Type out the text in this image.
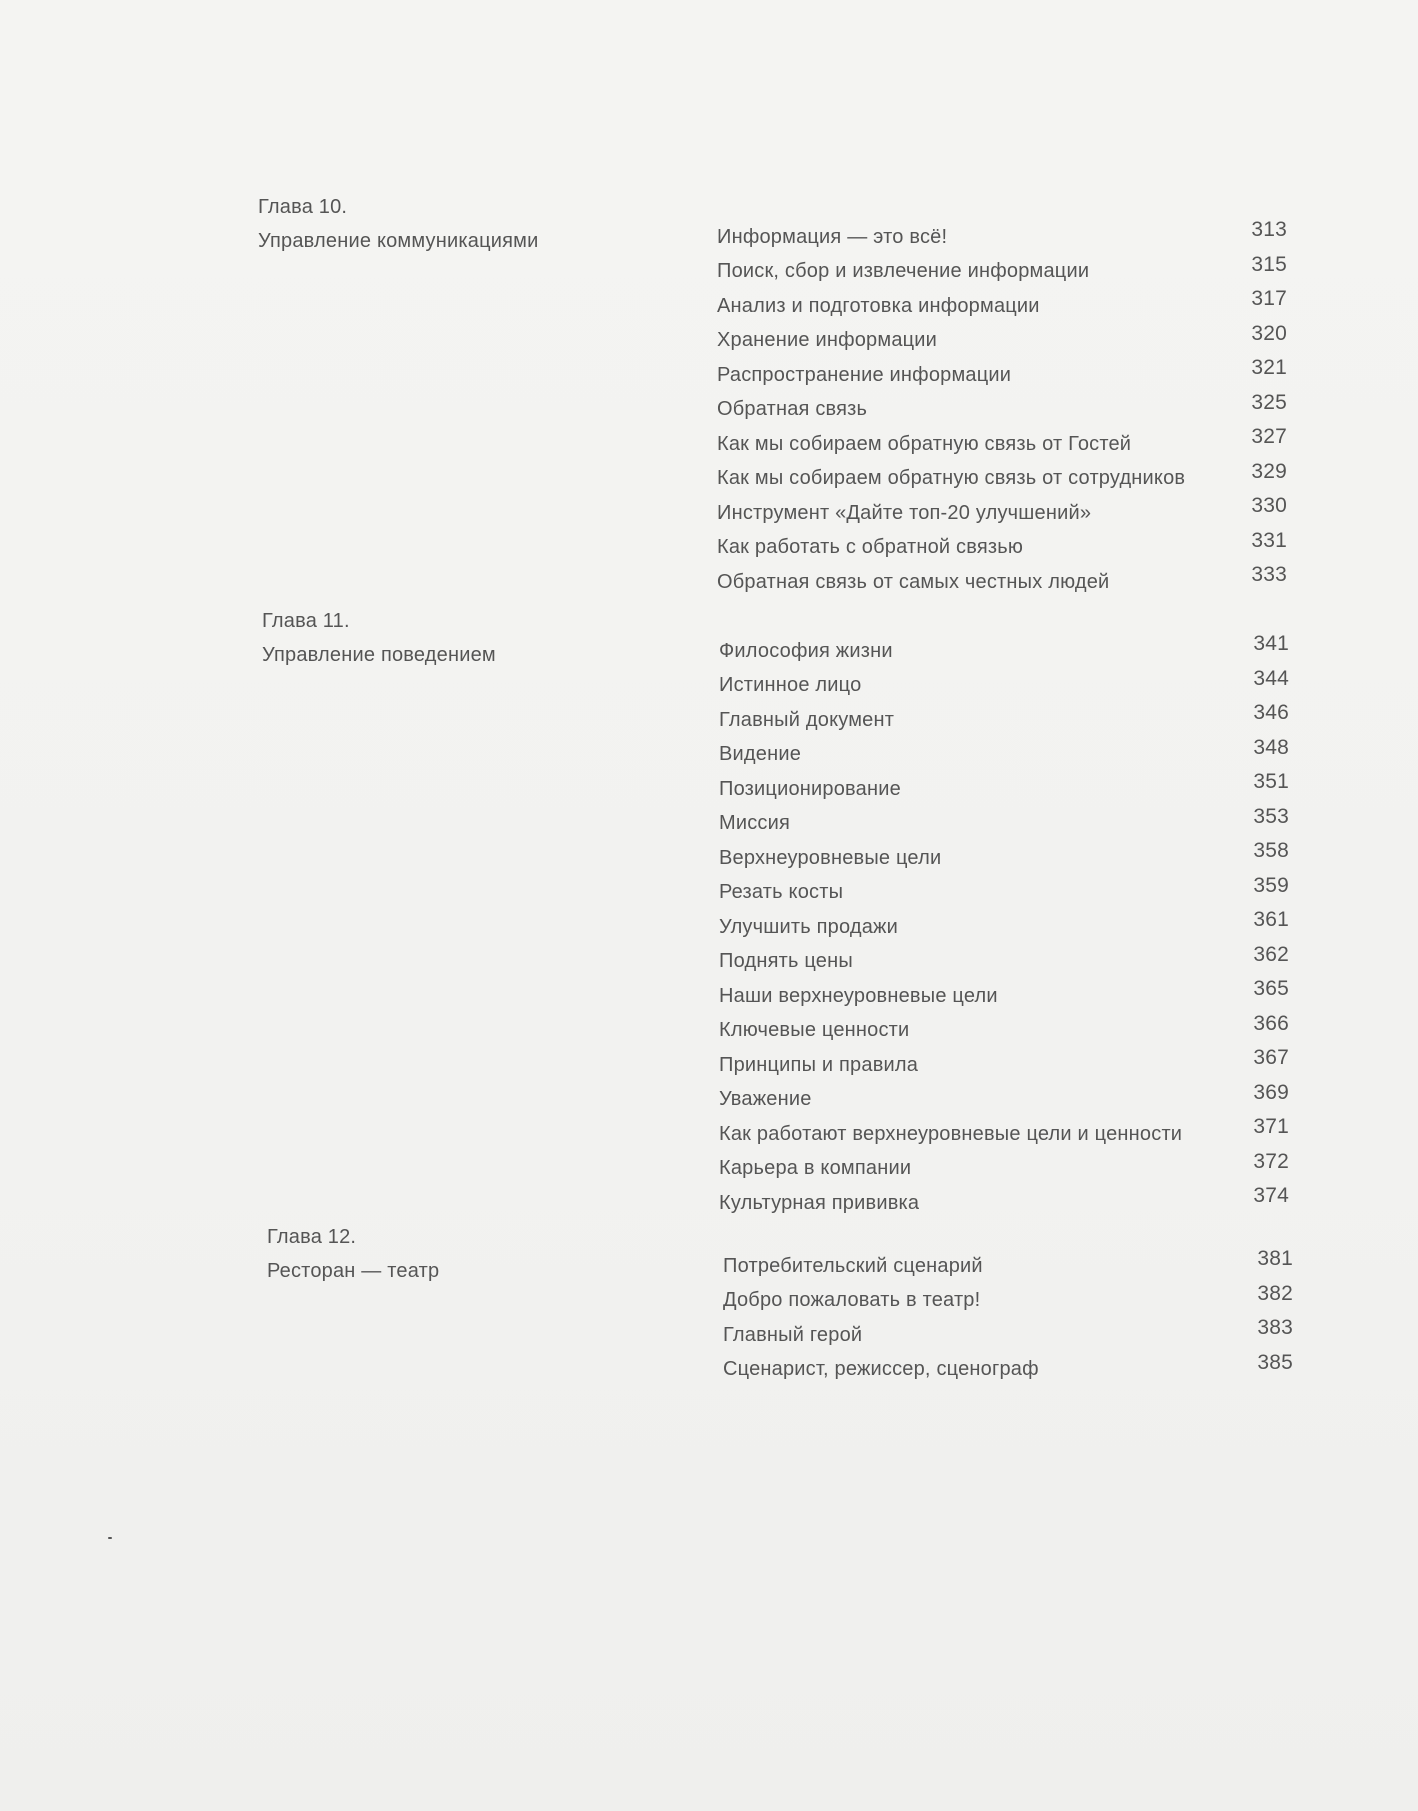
Глава 10.
Управление коммуникациями	Информация — это всё!	313
Поиск, сбор и извлечение информации	315
Анализ и подготовка информации	317
Хранение информации	320
Распространение информации	321
Обратная связь	325
Как мы собираем обратную связь от Гостей	327
Как мы собираем обратную связь от сотрудников	329
Инструмент «Дайте топ-20 улучшений»	330
Как работать с обратной связью	331
Обратная связь от самых честных людей	333
Глава 11.
Управление поведением	Философия жизни	341
Истинное лицо	344
Главный документ	346
Видение	348
Позиционирование	351
Миссия	353
Верхнеуровневые цели	358
Резать косты	359
Улучшить продажи	361
Поднять цены	362
Наши верхнеуровневые цели	365
Ключевые ценности	366
Принципы и правила	367
Уважение	369
Как работают верхнеуровневые цели и ценности	371
Карьера в компании	372
Культурная прививка	374
Глава 12.
Ресторан — театр	Потребительский сценарий	381
Добро пожаловать в театр!	382
Главный герой	383
Сценарист, режиссер, сценограф	385
